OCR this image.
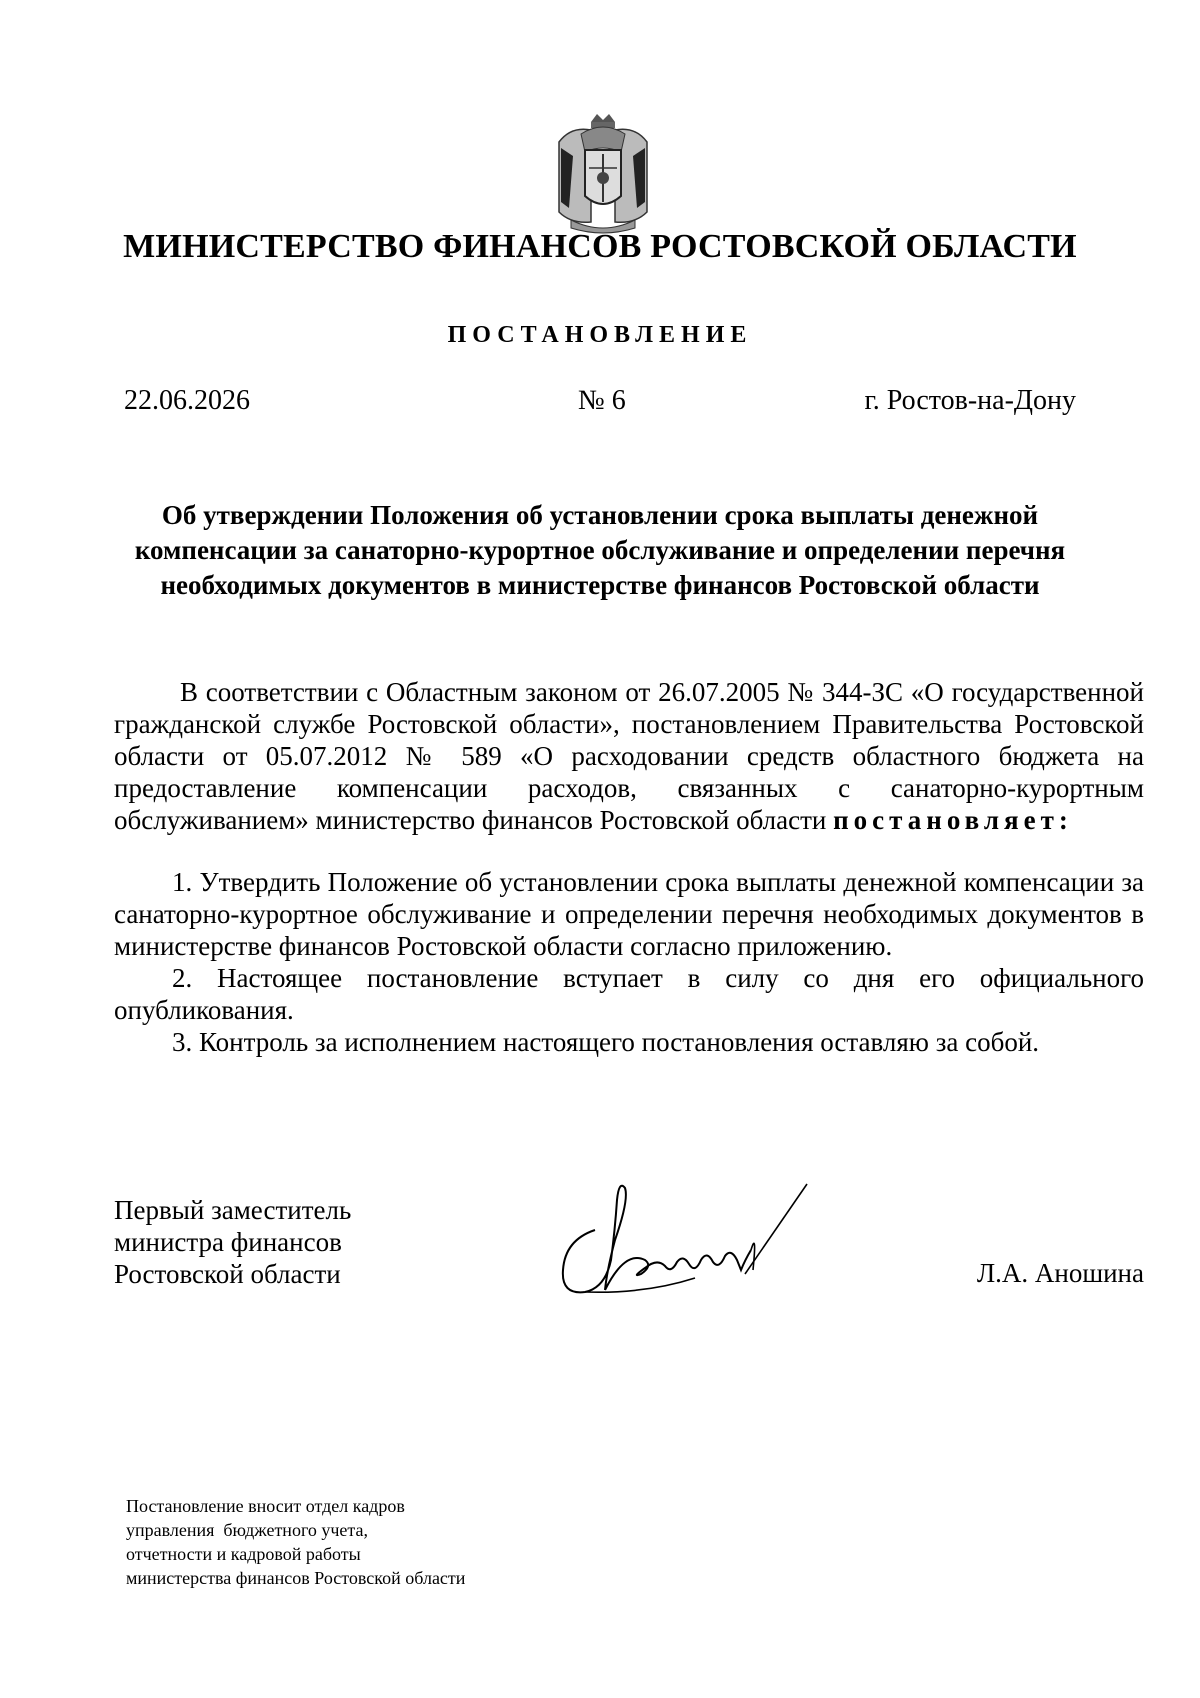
МИНИСТЕРСТВО ФИНАНСОВ РОСТОВСКОЙ ОБЛАСТИ
ПОСТАНОВЛЕНИЕ
22.06.2026	№ 6	г. Ростов-на-Дону
Об утверждении Положения об установлении срока выплаты денежной
компенсации за санаторно-курортное обслуживание и определении перечня
необходимых документов в министерстве финансов Ростовской области

В соответствии с Областным законом от 26.07.2005 № 344-ЗС «О государственной гражданской службе Ростовской области», постановлением Правительства Ростовской области от 05.07.2012 № 589 «О расходовании средств областного бюджета на предоставление компенсации расходов, связанных с санаторно-курортным обслуживанием» министерство финансов Ростовской области постановляет:

1. Утвердить Положение об установлении срока выплаты денежной компенсации за санаторно-курортное обслуживание и определении перечня необходимых документов в министерстве финансов Ростовской области согласно приложению.

2. Настоящее постановление вступает в силу со дня его официального опубликования.

3. Контроль за исполнением настоящего постановления оставляю за собой.

Первый заместитель
министра финансов
Ростовской области	Л.А. Аношина
Постановление вносит отдел кадров
управления  бюджетного учета,
отчетности и кадровой работы
министерства финансов Ростовской области
